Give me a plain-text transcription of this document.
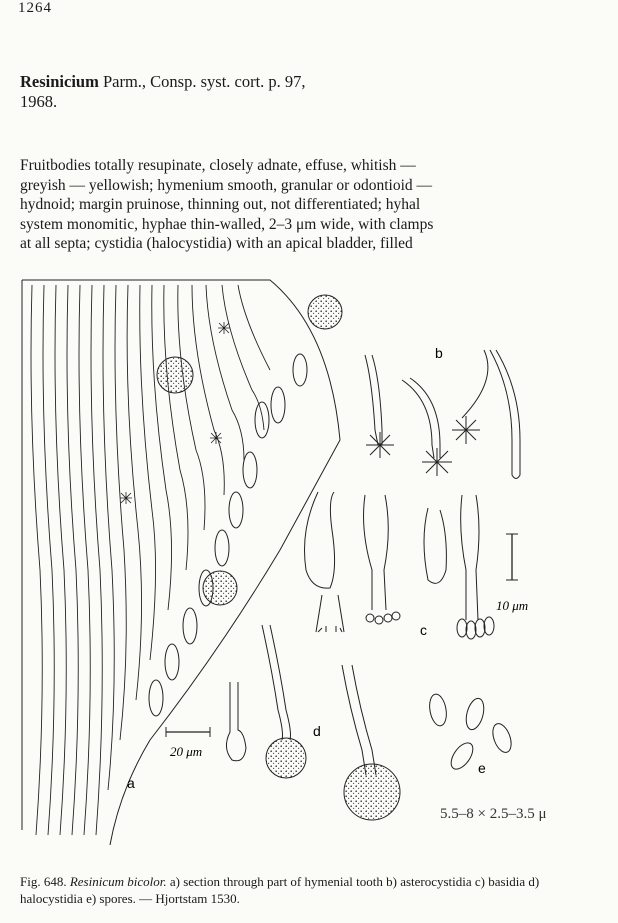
1264
Resinicium Parm., Consp. syst. cort. p. 97,
1968.
Fruitbodies totally resupinate, closely adnate, effuse, whitish —
greyish — yellowish; hymenium smooth, granular or odontioid —
hydnoid; margin pruinose, thinning out, not differentiated; hyhal
system monomitic, hyphae thin-walled, 2–3 μm wide, with clamps
at all septa; cystidia (halocystidia) with an apical bladder, filled
b
c
d
a
e
10 μm
20 μm
5.5–8 × 2.5–3.5 μ
Fig. 648. Resinicum bicolor. a) section through part of hymenial tooth b) asterocystidia c) basidia d) halocystidia e) spores. — Hjortstam 1530.
